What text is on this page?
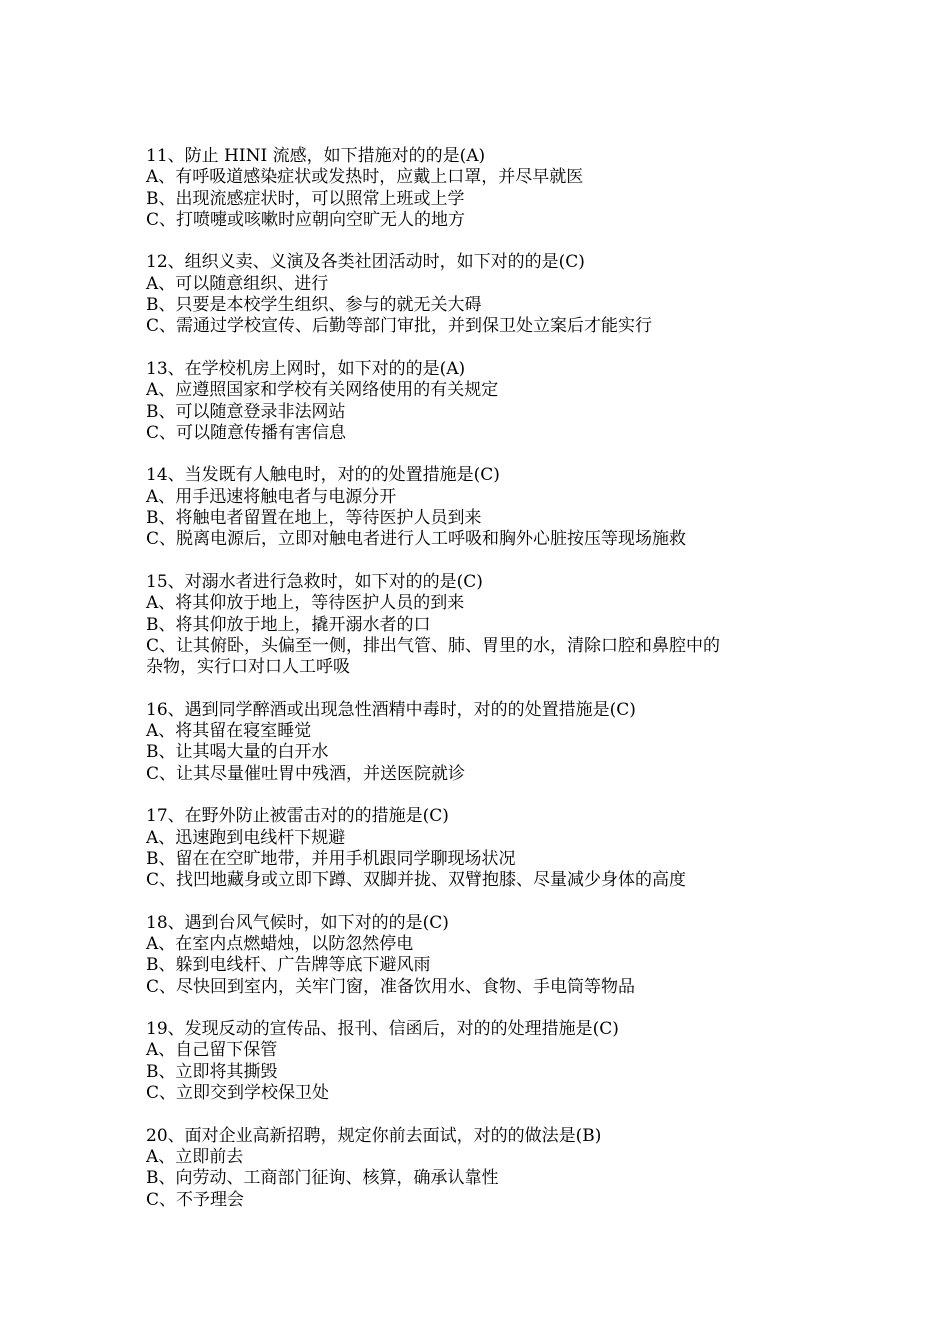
11、防止 HINI 流感，如下措施对的的是(A)

A、有呼吸道感染症状或发热时，应戴上口罩，并尽早就医

B、出现流感症状时，可以照常上班或上学

C、打喷嚏或咳嗽时应朝向空旷无人的地方

12、组织义卖、义演及各类社团活动时，如下对的的是(C)

A、可以随意组织、进行

B、只要是本校学生组织、参与的就无关大碍

C、需通过学校宣传、后勤等部门审批，并到保卫处立案后才能实行

13、在学校机房上网时，如下对的的是(A)

A、应遵照国家和学校有关网络使用的有关规定

B、可以随意登录非法网站

C、可以随意传播有害信息

14、当发既有人触电时，对的的处置措施是(C)

A、用手迅速将触电者与电源分开

B、将触电者留置在地上，等待医护人员到来

C、脱离电源后，立即对触电者进行人工呼吸和胸外心脏按压等现场施救

15、对溺水者进行急救时，如下对的的是(C)

A、将其仰放于地上，等待医护人员的到来

B、将其仰放于地上，撬开溺水者的口

C、让其俯卧，头偏至一侧，排出气管、肺、胃里的水，清除口腔和鼻腔中的

杂物，实行口对口人工呼吸

16、遇到同学醉酒或出现急性酒精中毒时，对的的处置措施是(C)

A、将其留在寝室睡觉

B、让其喝大量的白开水

C、让其尽量催吐胃中残酒，并送医院就诊

17、在野外防止被雷击对的的措施是(C)

A、迅速跑到电线杆下规避

B、留在在空旷地带，并用手机跟同学聊现场状况

C、找凹地藏身或立即下蹲、双脚并拢、双臂抱膝、尽量减少身体的高度

18、遇到台风气候时，如下对的的是(C)

A、在室内点燃蜡烛，以防忽然停电

B、躲到电线杆、广告牌等底下避风雨

C、尽快回到室内，关牢门窗，准备饮用水、食物、手电筒等物品

19、发现反动的宣传品、报刊、信函后，对的的处理措施是(C)

A、自己留下保管

B、立即将其撕毁

C、立即交到学校保卫处

20、面对企业高新招聘，规定你前去面试，对的的做法是(B)

A、立即前去

B、向劳动、工商部门征询、核算，确承认靠性

C、不予理会
